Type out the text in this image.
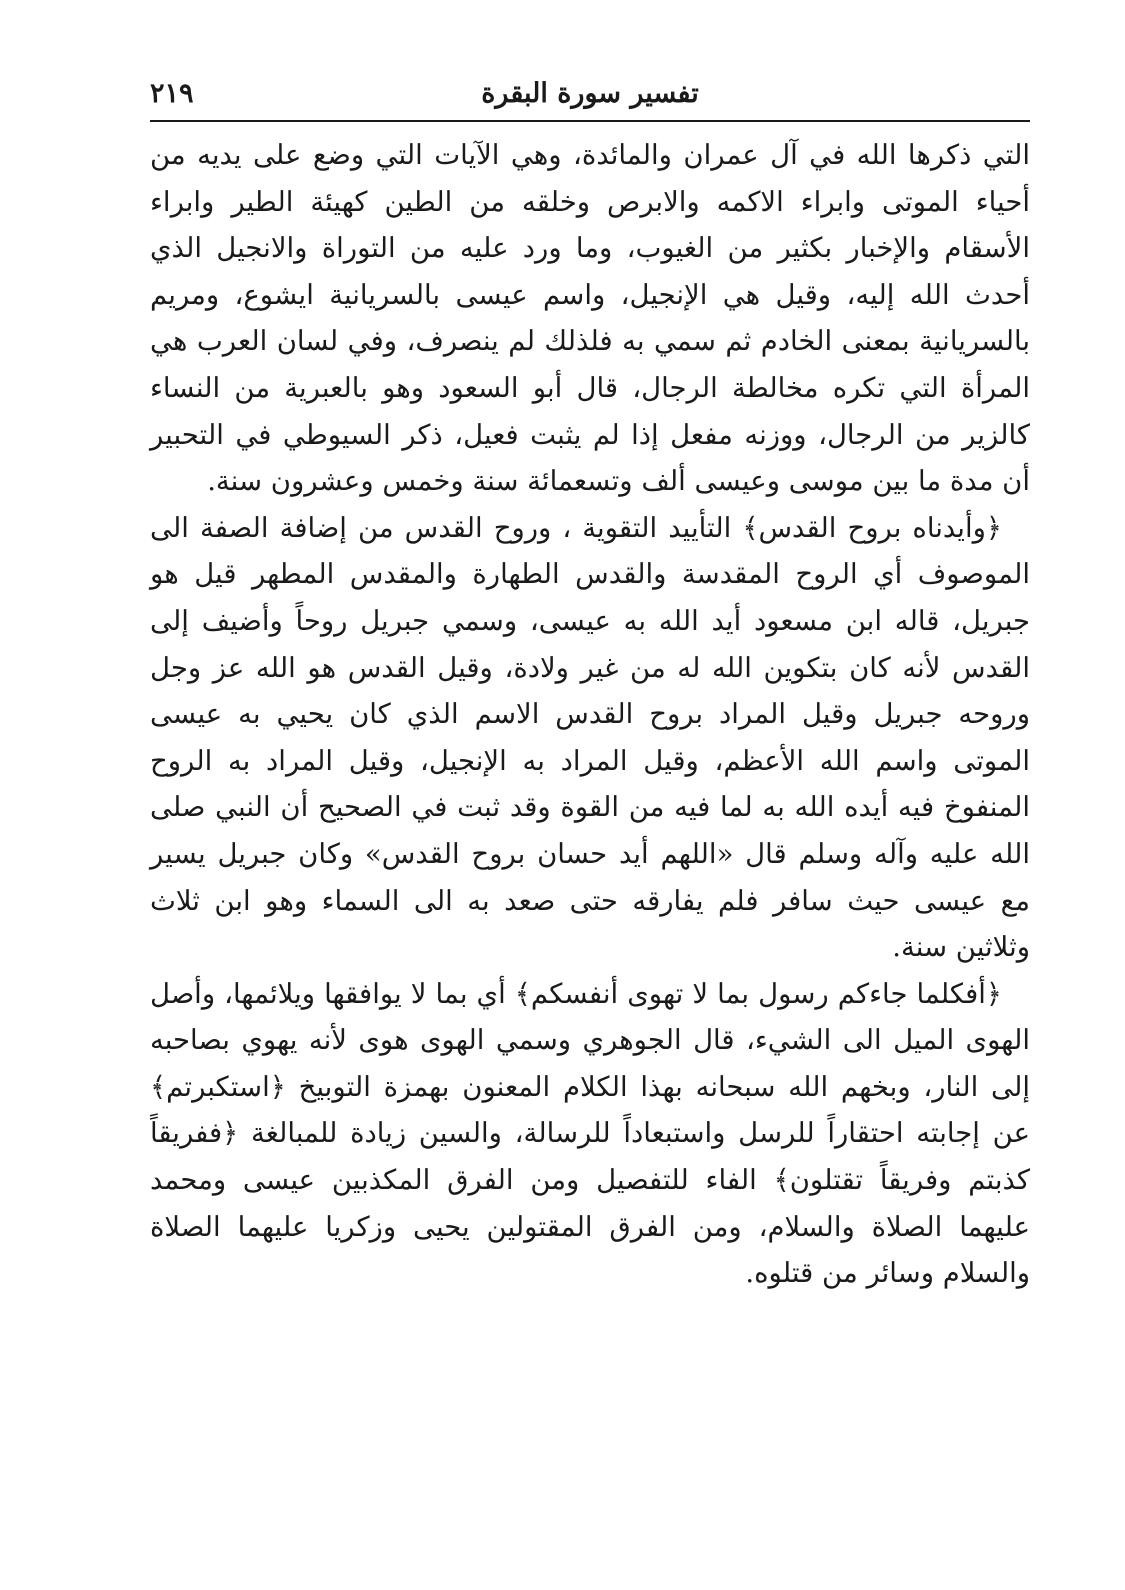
تفسير سورة البقرة
٢١٩

التي ذكرها الله في آل عمران والمائدة، وهي الآيات التي وضع على يديه من أحياء الموتى وابراء الاكمه والابرص وخلقه من الطين كهيئة الطير وابراء الأسقام والإخبار بكثير من الغيوب، وما ورد عليه من التوراة والانجيل الذي أحدث الله إليه، وقيل هي الإنجيل، واسم عيسى بالسريانية ايشوع، ومريم بالسريانية بمعنى الخادم ثم سمي به فلذلك لم ينصرف، وفي لسان العرب هي المرأة التي تكره مخالطة الرجال، قال أبو السعود وهو بالعبرية من النساء كالزير من الرجال، ووزنه مفعل إذا لم يثبت فعيل، ذكر السيوطي في التحبير أن مدة ما بين موسى وعيسى ألف وتسعمائة سنة وخمس وعشرون سنة.

﴿وأيدناه بروح القدس﴾ التأييد التقوية ، وروح القدس من إضافة الصفة الى الموصوف أي الروح المقدسة والقدس الطهارة والمقدس المطهر قيل هو جبريل، قاله ابن مسعود أيد الله به عيسى، وسمي جبريل روحاً وأضيف إلى القدس لأنه كان بتكوين الله له من غير ولادة، وقيل القدس هو الله عز وجل وروحه جبريل وقيل المراد بروح القدس الاسم الذي كان يحيي به عيسى الموتى واسم الله الأعظم، وقيل المراد به الإنجيل، وقيل المراد به الروح المنفوخ فيه أيده الله به لما فيه من القوة وقد ثبت في الصحيح أن النبي صلى الله عليه وآله وسلم قال «اللهم أيد حسان بروح القدس» وكان جبريل يسير مع عيسى حيث سافر فلم يفارقه حتى صعد به الى السماء وهو ابن ثلاث وثلاثين سنة.

﴿أفكلما جاءكم رسول بما لا تهوى أنفسكم﴾ أي بما لا يوافقها ويلائمها، وأصل الهوى الميل الى الشيء، قال الجوهري وسمي الهوى هوى لأنه يهوي بصاحبه إلى النار، وبخهم الله سبحانه بهذا الكلام المعنون بهمزة التوبيخ ﴿استكبرتم﴾ عن إجابته احتقاراً للرسل واستبعاداً للرسالة، والسين زيادة للمبالغة ﴿ففريقاً كذبتم وفريقاً تقتلون﴾ الفاء للتفصيل ومن الفرق المكذبين عيسى ومحمد عليهما الصلاة والسلام، ومن الفرق المقتولين يحيى وزكريا عليهما الصلاة والسلام وسائر من قتلوه.
